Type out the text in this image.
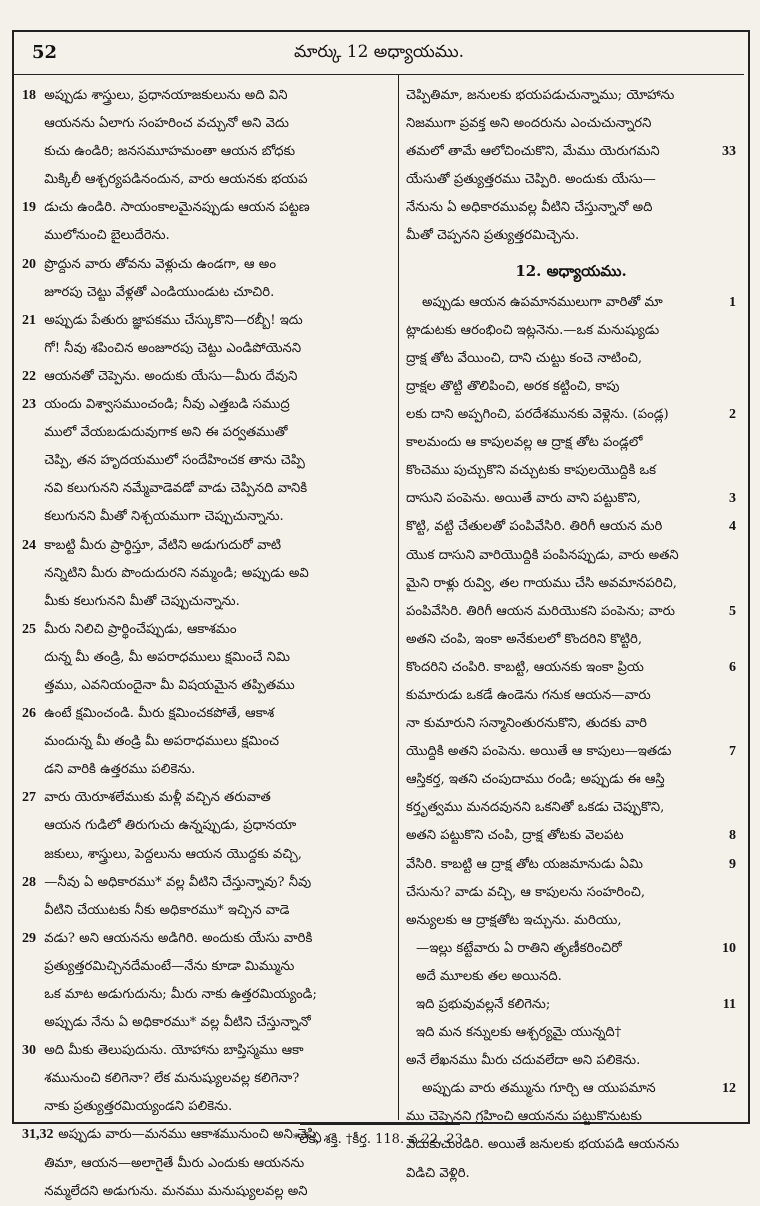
52	మార్కు 12 అధ్యాయము.
18 అప్పుడు శాస్త్రులు, ప్రధానయాజకులును అది విని
ఆయనను ఏలాగు సంహరించ వచ్చునో అని వెదు
కుచు ఉండిరి; జనసమూహమంతా ఆయన బోధకు
మిక్కిలీ ఆశ్చర్యపడినందున, వారు ఆయనకు భయప
19 డుచు ఉండిరి. సాయంకాలమైనప్పుడు ఆయన పట్టణ
ములోనుంచి బైలుదేరెను.
20 ప్రొద్దున వారు తోవను వెళ్లుచు ఉండగా, ఆ అం
జూరపు చెట్టు వేళ్లతో ఎండియుండుట చూచిరి.
21 అప్పుడు పేతురు జ్ఞాపకము చేస్కుకొని—రబ్బీ! ఇదు
గో! నీవు శపించిన అంజూరపు చెట్టు ఎండిపోయెనని
22 ఆయనతో చెప్పెను. అందుకు యేసు—మీరు దేవుని
23 యందు విశ్వాసముంచండి; నీవు ఎత్తబడి సముద్ర
ములో వేయబడుదువుగాక అని ఈ పర్వతముతో
చెప్పి, తన హృదయములో సందేహించక తాను చెప్పి
నవి కలుగునని నమ్మేవాడెవడో వాడు చెప్పినది వానికి
కలుగునని మీతో నిశ్చయముగా చెప్పుచున్నాను.
24 కాబట్టి మీరు ప్రార్థిస్తూ, వేటిని అడుగుదురో వాటి
నన్నిటిని మీరు పొందుదురని నమ్మండి; అప్పుడు అవి
మీకు కలుగునని మీతో చెప్పుచున్నాను.
25 మీరు నిలిచి ప్రార్థించేప్పుడు, ఆకాశమం
దున్న మీ తండ్రి, మీ అపరాధములు క్షమించే నిమి
త్తము, ఎవనియందైనా మీ విషయమైన తప్పితము
26 ఉంటే క్షమించండి. మీరు క్షమించకపోతే, ఆకాశ
మందున్న మీ తండ్రి మీ అపరాధములు క్షమించ
డని వారికి ఉత్తరము పలికెను.
27 వారు యెరూశలేముకు మళ్లీ వచ్చిన తరువాత
ఆయన గుడిలో తిరుగుచు ఉన్నప్పుడు, ప్రధానయా
జకులు, శాస్త్రులు, పెద్దలును ఆయన యొద్దకు వచ్చి,
28 —నీవు ఏ అధికారము* వల్ల వీటిని చేస్తున్నావు? నీవు
వీటిని చేయుటకు నీకు అధికారము* ఇచ్చిన వాడె
29 వడు? అని ఆయనను అడిగిరి. అందుకు యేసు వారికి
ప్రత్యుత్తరమిచ్చినదేమంటే—నేను కూడా మిమ్మును
ఒక మాట అడుగుదును; మీరు నాకు ఉత్తరమియ్యండి;
అప్పుడు నేను ఏ అధికారము* వల్ల వీటిని చేస్తున్నానో
30 అది మీకు తెలుపుదును. యోహాను బాప్తిస్మము ఆకా
శమునుంచి కలిగెనా? లేక మనుష్యులవల్ల కలిగెనా?
నాకు ప్రత్యుత్తరమియ్యండని పలికెను.
31,32 అప్పుడు వారు—మనము ఆకాశమునుంచి అని చెప్పి
తిమా, ఆయన—అలాగైతే మీరు ఎందుకు ఆయనను
నమ్మలేదని అడుగును. మనము మనుష్యులవల్ల అని
చెప్పితిమా, జనులకు భయపడుచున్నాము; యోహాను
నిజముగా ప్రవక్త అని అందరును ఎంచుచున్నారని
33
తమలో తామే ఆలోచించుకొని, మేము యెరుగమని
యేసుతో ప్రత్యుత్తరము చెప్పిరి. అందుకు యేసు—
నేనును ఏ అధికారమువల్ల వీటిని చేస్తున్నానో అది
మీతో చెప్పనని ప్రత్యుత్తరమిచ్చెను.
12. అధ్యాయము.
1
అప్పుడు ఆయన ఉపమానములుగా వారితో మా
ట్లాడుటకు ఆరంభించి ఇట్లనెను.—ఒక మనుష్యుడు
ద్రాక్ష తోట వేయించి, దాని చుట్టు కంచె నాటించి,
ద్రాక్షల తొట్టి తొలిపించి, అరక కట్టించి, కాపు
2
లకు దాని అప్పగించి, పరదేశమునకు వెళ్లెను. (పండ్ల)
కాలమందు ఆ కాపులవల్ల ఆ ద్రాక్ష తోట పండ్లలో
కొంచెము పుచ్చుకొని వచ్చుటకు కాపులయొద్దికి ఒక
3
దాసుని పంపెను. అయితే వారు వాని పట్టుకొని,
4
కొట్టి, వట్టి చేతులతో పంపివేసిరి. తిరిగీ ఆయన మరి
యొక దాసుని వారియొద్దికి పంపినప్పుడు, వారు అతని
మైని రాళ్లు రువ్వి, తల గాయము చేసి అవమానపరిచి,
5
పంపివేసిరి. తిరిగీ ఆయన మరియొకని పంపెను; వారు
అతని చంపి, ఇంకా అనేకులలో కొందరిని కొట్టిరి,
6
కొందరిని చంపిరి. కాబట్టి, ఆయనకు ఇంకా ప్రియ
కుమారుడు ఒకడే ఉండెను గనుక ఆయన—వారు
నా కుమారుని సన్మానింతురనుకొని, తుదకు వారి
7
యొద్దికి అతని పంపెను. అయితే ఆ కాపులు—ఇతడు
ఆస్తికర్త, ఇతని చంపుదాము రండి; అప్పుడు ఈ ఆస్తి
కర్తృత్వము మనదవునని ఒకనితో ఒకడు చెప్పుకొని,
8
అతని పట్టుకొని చంపి, ద్రాక్ష తోటకు వెలపట
9
వేసిరి. కాబట్టి ఆ ద్రాక్ష తోట యజమానుడు ఏమి
చేసును? వాడు వచ్చి, ఆ కాపులను సంహరించి,
అన్యులకు ఆ ద్రాక్షతోట ఇచ్చును. మరియు,
10
—ఇల్లు కట్టేవారు ఏ రాతిని తృణీకరించిరో
అదే మూలకు తల అయినది.
11
ఇది ప్రభువువల్లనే కలిగెను;
ఇది మన కన్నులకు ఆశ్చర్యమై యున్నది†
అనే లేఖనము మీరు చదువలేదా అని పలికెను.
12
అప్పుడు వారు తమ్మును గూర్చి ఆ యుపమాన
ము చెప్పెనని గ్రహించి ఆయనను పట్టుకొనుటకు
వెదుకుచుండిరి. అయితే జనులకు భయపడి ఆయనను
విడిచి వెళ్లిరి.
*లేక, శక్తి. †కీర్త. 118. వ 22, 23.
